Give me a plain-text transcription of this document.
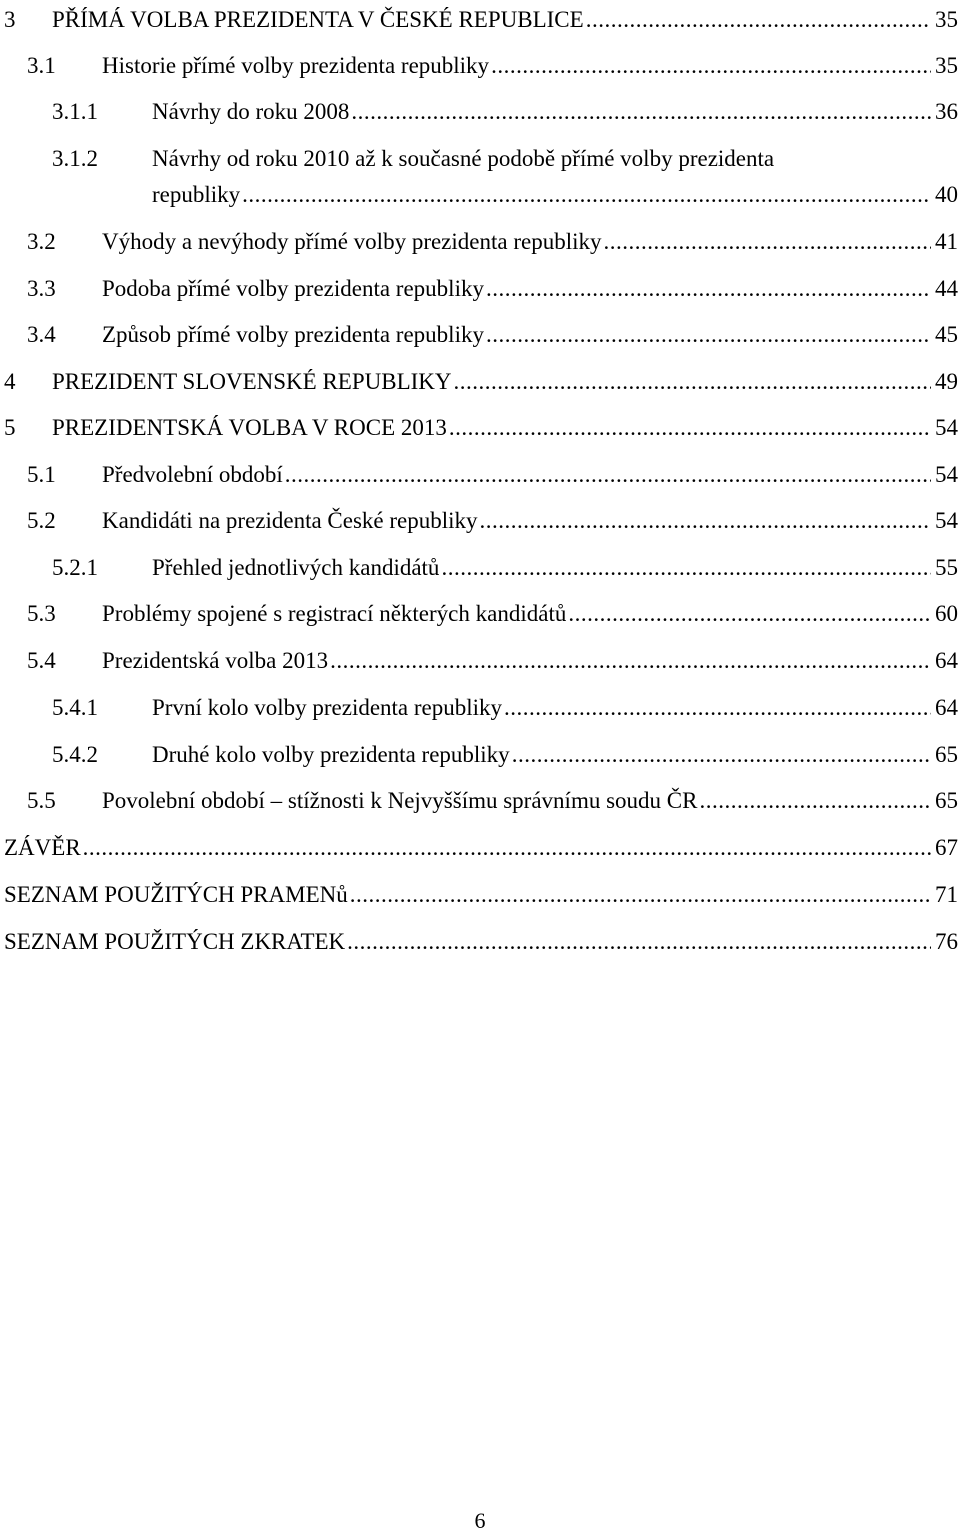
3 PŘÍMÁ VOLBA PREZIDENTA V ČESKÉ REPUBLICE .....	35
3.1 Historie přímé volby prezidenta republiky .....	35
3.1.1 Návrhy do roku 2008 .....	36
3.1.2 Návrhy od roku 2010 až k současné podobě přímé volby prezidenta
republiky .....	40
3.2 Výhody a nevýhody přímé volby prezidenta republiky .....	41
3.3 Podoba přímé volby prezidenta republiky .....	44
3.4 Způsob přímé volby prezidenta republiky .....	45
4 PREZIDENT SLOVENSKÉ REPUBLIKY .....	49
5 PREZIDENTSKÁ VOLBA V ROCE 2013 .....	54
5.1 Předvolební období .....	54
5.2 Kandidáti na prezidenta České republiky .....	54
5.2.1 Přehled jednotlivých kandidátů .....	55
5.3 Problémy spojené s registrací některých kandidátů .....	60
5.4 Prezidentská volba 2013 .....	64
5.4.1 První kolo volby prezidenta republiky .....	64
5.4.2 Druhé kolo volby prezidenta republiky .....	65
5.5 Povolební období – stížnosti k Nejvyššímu správnímu soudu ČR .....	65
ZÁVĚR .....	67
SEZNAM POUŽITÝCH PRAMENů .....	71
SEZNAM POUŽITÝCH ZKRATEK .....	76
6
